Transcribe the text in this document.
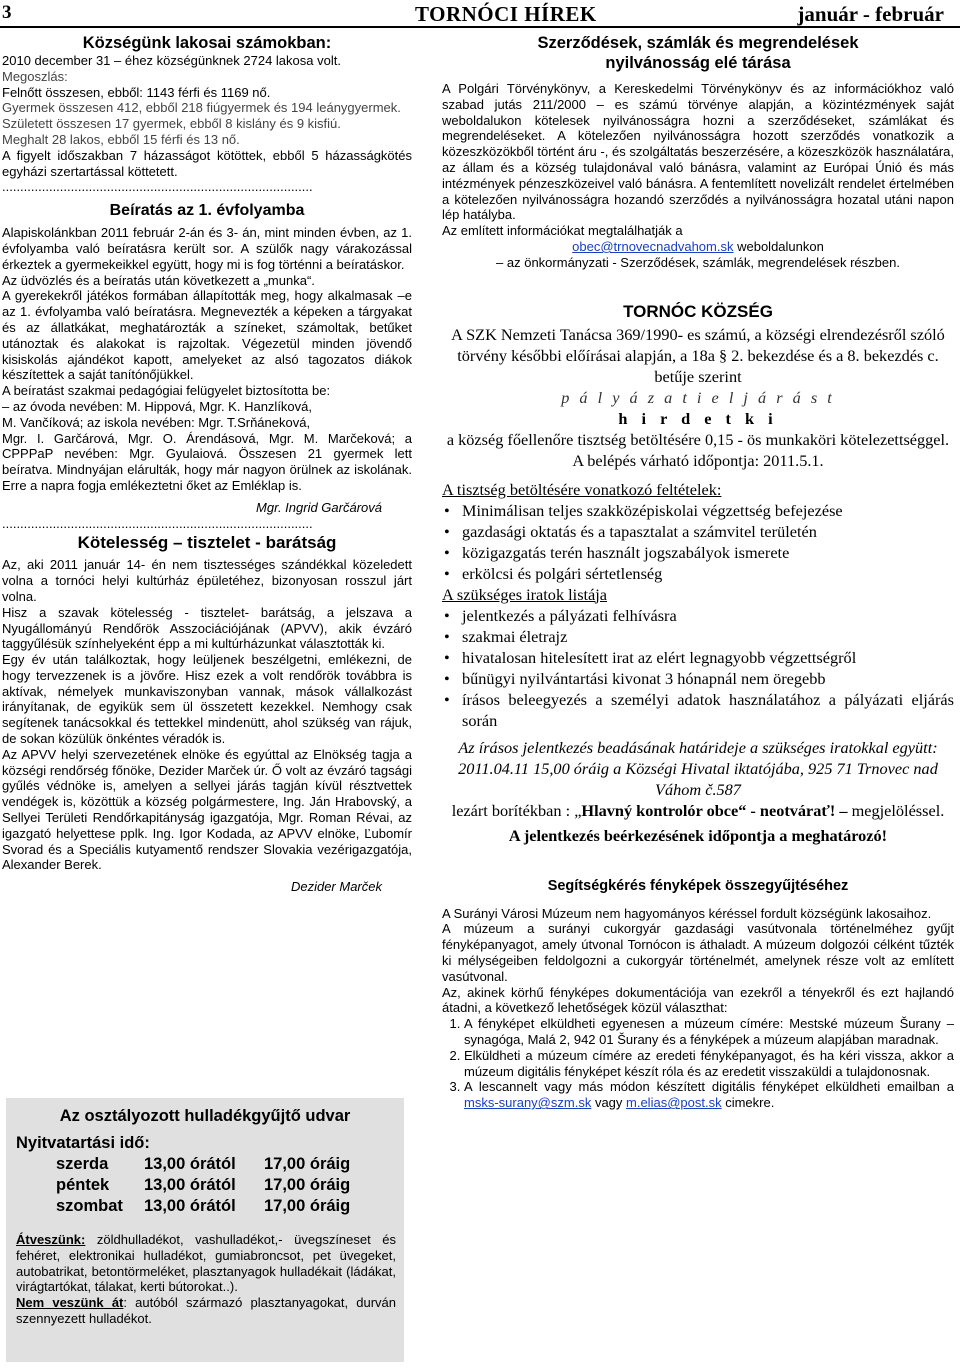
3	TORNÓCI HÍREK	január - február

Községünk lakosai számokban:

2010 december 31 – éhez községünknek 2724 lakosa volt.

Megoszlás:

Felnőtt összesen, ebből: 1143 férfi és 1169 nő.

Gyermek összesen 412, ebből 218 fiúgyermek és 194 leánygyermek.

Született összesen 17 gyermek, ebből 8 kislány és 9 kisfiú.

Meghalt 28 lakos, ebből 15 férfi és 13 nő.

A figyelt időszakban 7 házasságot kötöttek, ebből 5 házasságkötés egyházi szertartással köttetett.

......................................................................................

Beíratás az 1. évfolyamba

Alapiskolánkban 2011 február 2-án és 3- án, mint minden évben, az 1. évfolyamba való beíratásra került sor. A szülők nagy várakozással érkeztek a gyermekeikkel együtt, hogy mi is fog történni a beíratáskor.

Az üdvözlés és a beíratás után következett a „munka“.

A gyerekekről játékos formában állapították meg, hogy alkalmasak –e az 1. évfolyamba való beíratásra. Megnevezték a képeken a tárgyakat és az állatkákat, meghatározták a színeket, számoltak, betűket utánoztak és alakokat is rajzoltak. Végezetül minden jövendő kisiskolás ajándékot kapott, amelyeket az alsó tagozatos diákok készítettek a saját tanítónőjükkel.

A beíratást szakmai pedagógiai felügyelet biztosította be:

– az óvoda nevében: M. Hippová, Mgr. K. Hanzlíková,

M. Vančíková; az iskola nevében: Mgr. T.Srňáneková,

Mgr. I. Garčárová, Mgr. O. Árendásová, Mgr. M. Marčeková; a CPPPaP nevében: Mgr. Gyulaiová. Összesen 21 gyermek lett beíratva. Mindnyájan elárulták, hogy már nagyon örülnek az iskolának. Erre a napra fogja emlékeztetni őket az Emléklap is.

Mgr. Ingrid Garčárová

......................................................................................

Kötelesség – tisztelet - barátság

Az, aki 2011 január 14- én nem tisztességes szándékkal közeledett volna a tornóci helyi kultúrház épületéhez, bizonyosan rosszul járt volna.

Hisz a szavak kötelesség - tisztelet- barátság, a jelszava a Nyugállományú Rendőrök Asszociációjának (APVV), akik évzáró taggyűlésük színhelyeként épp a mi kultúrházunkat választották ki.

Egy év után találkoztak, hogy leüljenek beszélgetni, emlékezni, de hogy tervezzenek is a jövőre. Hisz ezek a volt rendőrök továbbra is aktívak, némelyek munkaviszonyban vannak, mások vállalkozást irányítanak, de egyikük sem ül összetett kezekkel. Nemhogy csak segítenek tanácsokkal és tettekkel mindenütt, ahol szükség van rájuk, de sokan közülük önkéntes véradók is.

Az APVV helyi szervezetének elnöke és egyúttal az Elnökség tagja a községi rendőrség főnöke, Dezider Marček úr. Ő volt az évzáró tagsági gyűlés védnöke is, amelyen a sellyei járás tagján kívül résztvettek vendégek is, közöttük a község polgármestere, Ing. Ján Hrabovský, a Sellyei Területi Rendőrkapitányság igazgatója, Mgr. Roman Révai, az igazgató helyettese pplk. Ing. Igor Kodada, az APVV elnöke, Ľubomír Svorad és a Speciális kutyamentő rendszer Slovakia vezérigazgatója, Alexander Berek.

Dezider Marček

Az osztályozott hulladékgyűjtő udvar
Nyitvatartási idő:
szerda	13,00 órától	17,00 óráig
péntek	13,00 órától	17,00 óráig
szombat	13,00 órától	17,00 óráig

Átveszünk: zöldhulladékot, vashulladékot,- üvegszíneset és fehéret, elektronikai hulladékot, gumiabroncsot, pet üvegeket, autobatrikat, betontörmeléket, plasztanyagok hulladékait (ládákat, virágtartókat, tálakat, kerti bútorokat..).

Nem veszünk át: autóból származó plasztanyagokat, durván szennyezett hulladékot.

Szerződések, számlák és megrendelések

nyilvánosság elé tárása

A Polgári Törvénykönyv, a Kereskedelmi Törvénykönyv és az információkhoz való szabad jutás 211/2000 – es számú törvénye alapján, a közintézmények saját weboldalukon kötelesek nyilvánosságra hozni a szerződéseket, számlákat és megrendeléseket. A kötelezően nyilvánosságra hozott szerződés vonatkozik a közeszközökből történt áru -, és szolgáltatás beszerzésére, a közeszközök használatára, az állam és a község tulajdonával való bánásra, valamint az Európai Únió és más intézmények pénzeszközeivel való bánásra. A fentemlített novelizált rendelet értelmében a kötelezően nyilvánosságra hozandó szerződés a nyilvánosságra hozatal utáni napon lép hatályba.

Az említett információkat megtalálhatják a

obec@trnovecnadvahom.sk weboldalunkon

– az önkormányzati - Szerződések, számlák, megrendelések részben.

TORNÓC KÖZSÉG

A SZK Nemzeti Tanácsa 369/1990- es számú, a községi elrendezésről szóló törvény későbbi előírásai alapján, a 18a § 2. bekezdése és a 8. bekezdés c. betűje szerint

p á l y á z a t i e l j á r á s t

h i r d e t k i

a község főellenőre tisztség betöltésére 0,15 - ös munkaköri kötelezettséggel.

A belépés várható időpontja: 2011.5.1.

A tisztség betöltésére vonatkozó feltételek:

• Minimálisan teljes szakközépiskolai végzettség befejezése
• gazdasági oktatás és a tapasztalat a számvitel területén
• közigazgatás terén használt jogszabályok ismerete
• erkölcsi és polgári sértetlenség

A szükséges iratok listája

• jelentkezés a pályázati felhívásra
• szakmai életrajz
• hivatalosan hitelesített irat az elért legnagyobb végzettségről
• bűnügyi nyilvántartási kivonat 3 hónapnál nem öregebb
• írásos beleegyezés a személyi adatok használatához a pályázati eljárás során

Az írásos jelentkezés beadásának határideje a szükséges iratokkal együtt: 2011.04.11 15,00 óráig a Községi Hivatal iktatójába, 925 71 Trnovec nad Váhom č.587

lezárt borítékban : „Hlavný kontrolór obce“ - neotvárať! – megjelöléssel.

A jelentkezés beérkezésének időpontja a meghatározó!

Segítségkérés fényképek összegyűjtéséhez

A Surányi Városi Múzeum nem hagyományos kéréssel fordult községünk lakosaihoz.

A múzeum a surányi cukorgyár gazdasági vasútvonala történelméhez gyűjt fényképanyagot, amely útvonal Tornócon is áthaladt. A múzeum dolgozói célként tűzték ki mélységeiben feldolgozni a cukorgyár történelmét, amelynek része volt az említett vasútvonal.

Az, akinek körhű fényképes dokumentációja van ezekről a tényekről és ezt hajlandó átadni, a következő lehetőségek közül választhat:

1. A fényképet elküldheti egyenesen a múzeum címére: Mestské múzeum Šurany – synagóga, Malá 2, 942 01 Šurany és a fényképek a múzeum alapjában maradnak.
2. Elküldheti a múzeum címére az eredeti fényképanyagot, és ha kéri visszа, akkor a múzeum digitális fényképet készít róla és az eredetit visszaküldi a tulajdonosnak.
3. A lescannelt vagy más módon készített digitális fényképet elküldheti emailban a msks-surany@szm.sk vagy m.elias@post.sk cimekre.
